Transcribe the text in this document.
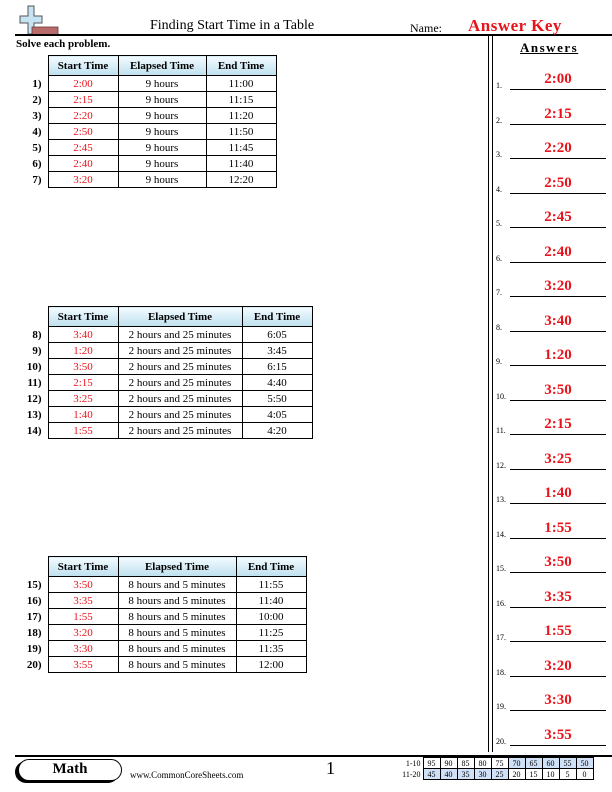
Finding Start Time in a Table	Name: Answer Key
Solve each problem.
	Start Time	Elapsed Time	End Time
1)	2:00	9 hours	11:00
2)	2:15	9 hours	11:15
3)	2:20	9 hours	11:20
4)	2:50	9 hours	11:50
5)	2:45	9 hours	11:45
6)	2:40	9 hours	11:40
7)	3:20	9 hours	12:20
	Start Time	Elapsed Time	End Time
8)	3:40	2 hours and 25 minutes	6:05
9)	1:20	2 hours and 25 minutes	3:45
10)	3:50	2 hours and 25 minutes	6:15
11)	2:15	2 hours and 25 minutes	4:40
12)	3:25	2 hours and 25 minutes	5:50
13)	1:40	2 hours and 25 minutes	4:05
14)	1:55	2 hours and 25 minutes	4:20
	Start Time	Elapsed Time	End Time
15)	3:50	8 hours and 5 minutes	11:55
16)	3:35	8 hours and 5 minutes	11:40
17)	1:55	8 hours and 5 minutes	10:00
18)	3:20	8 hours and 5 minutes	11:25
19)	3:30	8 hours and 5 minutes	11:35
20)	3:55	8 hours and 5 minutes	12:00
Answers
1.	2:00
2.	2:15
3.	2:20
4.	2:50
5.	2:45
6.	2:40
7.	3:20
8.	3:40
9.	1:20
10.	3:50
11.	2:15
12.	3:25
13.	1:40
14.	1:55
15.	3:50
16.	3:35
17.	1:55
18.	3:20
19.	3:30
20.	3:55
Math	www.CommonCoreSheets.com	1	1-10	95	90	85	80	75	70	65	60	55	50
11-20	45	40	35	30	25	20	15	10	5	0
